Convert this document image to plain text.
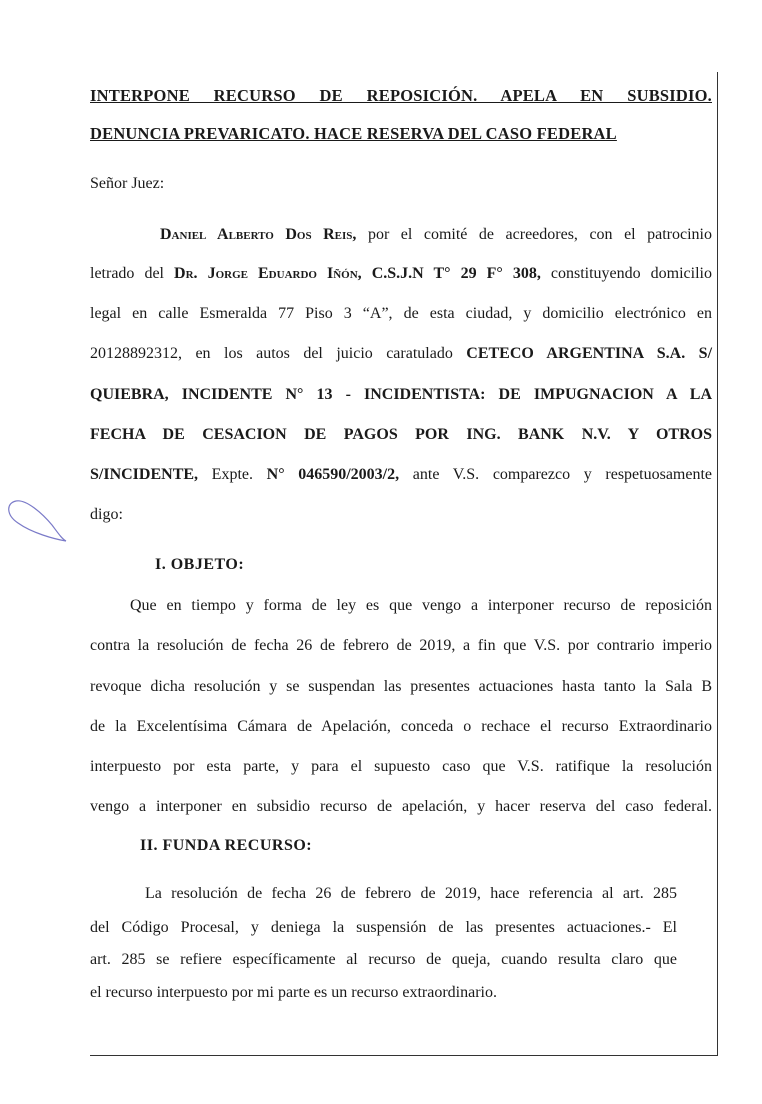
INTERPONE RECURSO DE REPOSICIÓN. APELA EN SUBSIDIO.
DENUNCIA PREVARICATO. HACE RESERVA DEL CASO FEDERAL
Señor Juez:
Daniel Alberto Dos Reis, por el comité de acreedores, con el patrocinio
letrado del Dr. Jorge Eduardo Iñón, C.S.J.N T° 29 F° 308, constituyendo domicilio
legal en calle Esmeralda 77 Piso 3 “A”, de esta ciudad, y domicilio electrónico en
20128892312, en los autos del juicio caratulado CETECO ARGENTINA S.A. S/
QUIEBRA, INCIDENTE N° 13 - INCIDENTISTA: DE IMPUGNACION A LA
FECHA DE CESACION DE PAGOS POR ING. BANK N.V. Y OTROS
S/INCIDENTE, Expte. N° 046590/2003/2, ante V.S. comparezco y respetuosamente
digo:
I. OBJETO:
Que en tiempo y forma de ley es que vengo a interponer recurso de reposición
contra la resolución de fecha 26 de febrero de 2019, a fin que V.S. por contrario imperio
revoque dicha resolución y se suspendan las presentes actuaciones hasta tanto la Sala B
de la Excelentísima Cámara de Apelación, conceda o rechace el recurso Extraordinario
interpuesto por esta parte, y para el supuesto caso que V.S. ratifique la resolución
vengo a interponer en subsidio recurso de apelación, y hacer reserva del caso federal.
II. FUNDA RECURSO:
La resolución de fecha 26 de febrero de 2019, hace referencia al art. 285
del Código Procesal, y deniega la suspensión de las presentes actuaciones.- El
art. 285 se refiere específicamente al recurso de queja, cuando resulta claro que
el recurso interpuesto por mi parte es un recurso extraordinario.
